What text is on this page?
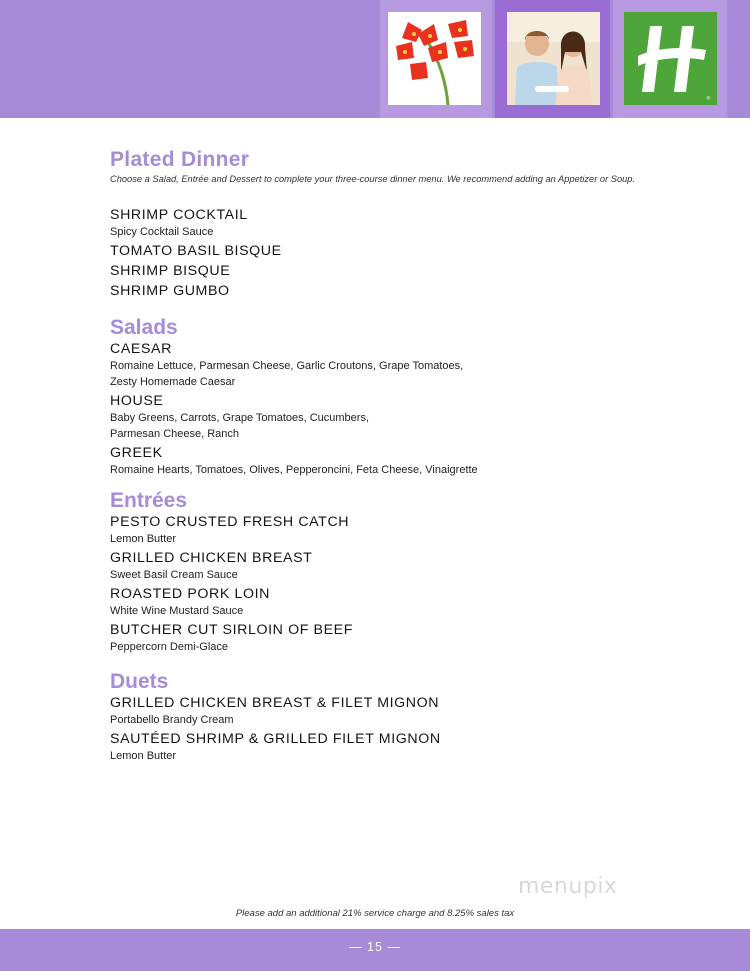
®
Plated Dinner

Choose a Salad, Entrée and Dessert to complete your three-course dinner menu. We recommend adding an Appetizer or Soup.

SHRIMP COCKTAIL

Spicy Cocktail Sauce

TOMATO BASIL BISQUE

SHRIMP BISQUE

SHRIMP GUMBO

Salads

CAESAR

Romaine Lettuce, Parmesan Cheese, Garlic Croutons, Grape Tomatoes,

Zesty Homemade Caesar

HOUSE

Baby Greens, Carrots, Grape Tomatoes, Cucumbers,

Parmesan Cheese, Ranch

GREEK

Romaine Hearts, Tomatoes, Olives, Pepperoncini, Feta Cheese, Vinaigrette

Entrées

PESTO CRUSTED FRESH CATCH

Lemon Butter

GRILLED CHICKEN BREAST

Sweet Basil Cream Sauce

ROASTED PORK LOIN

White Wine Mustard Sauce

BUTCHER CUT SIRLOIN OF BEEF

Peppercorn Demi-Glace

Duets

GRILLED CHICKEN BREAST & FILET MIGNON

Portabello Brandy Cream

SAUTÉED SHRIMP & GRILLED FILET MIGNON

Lemon Butter

menupix
Please add an additional 21% service charge and 8.25% sales tax
— 15 —
